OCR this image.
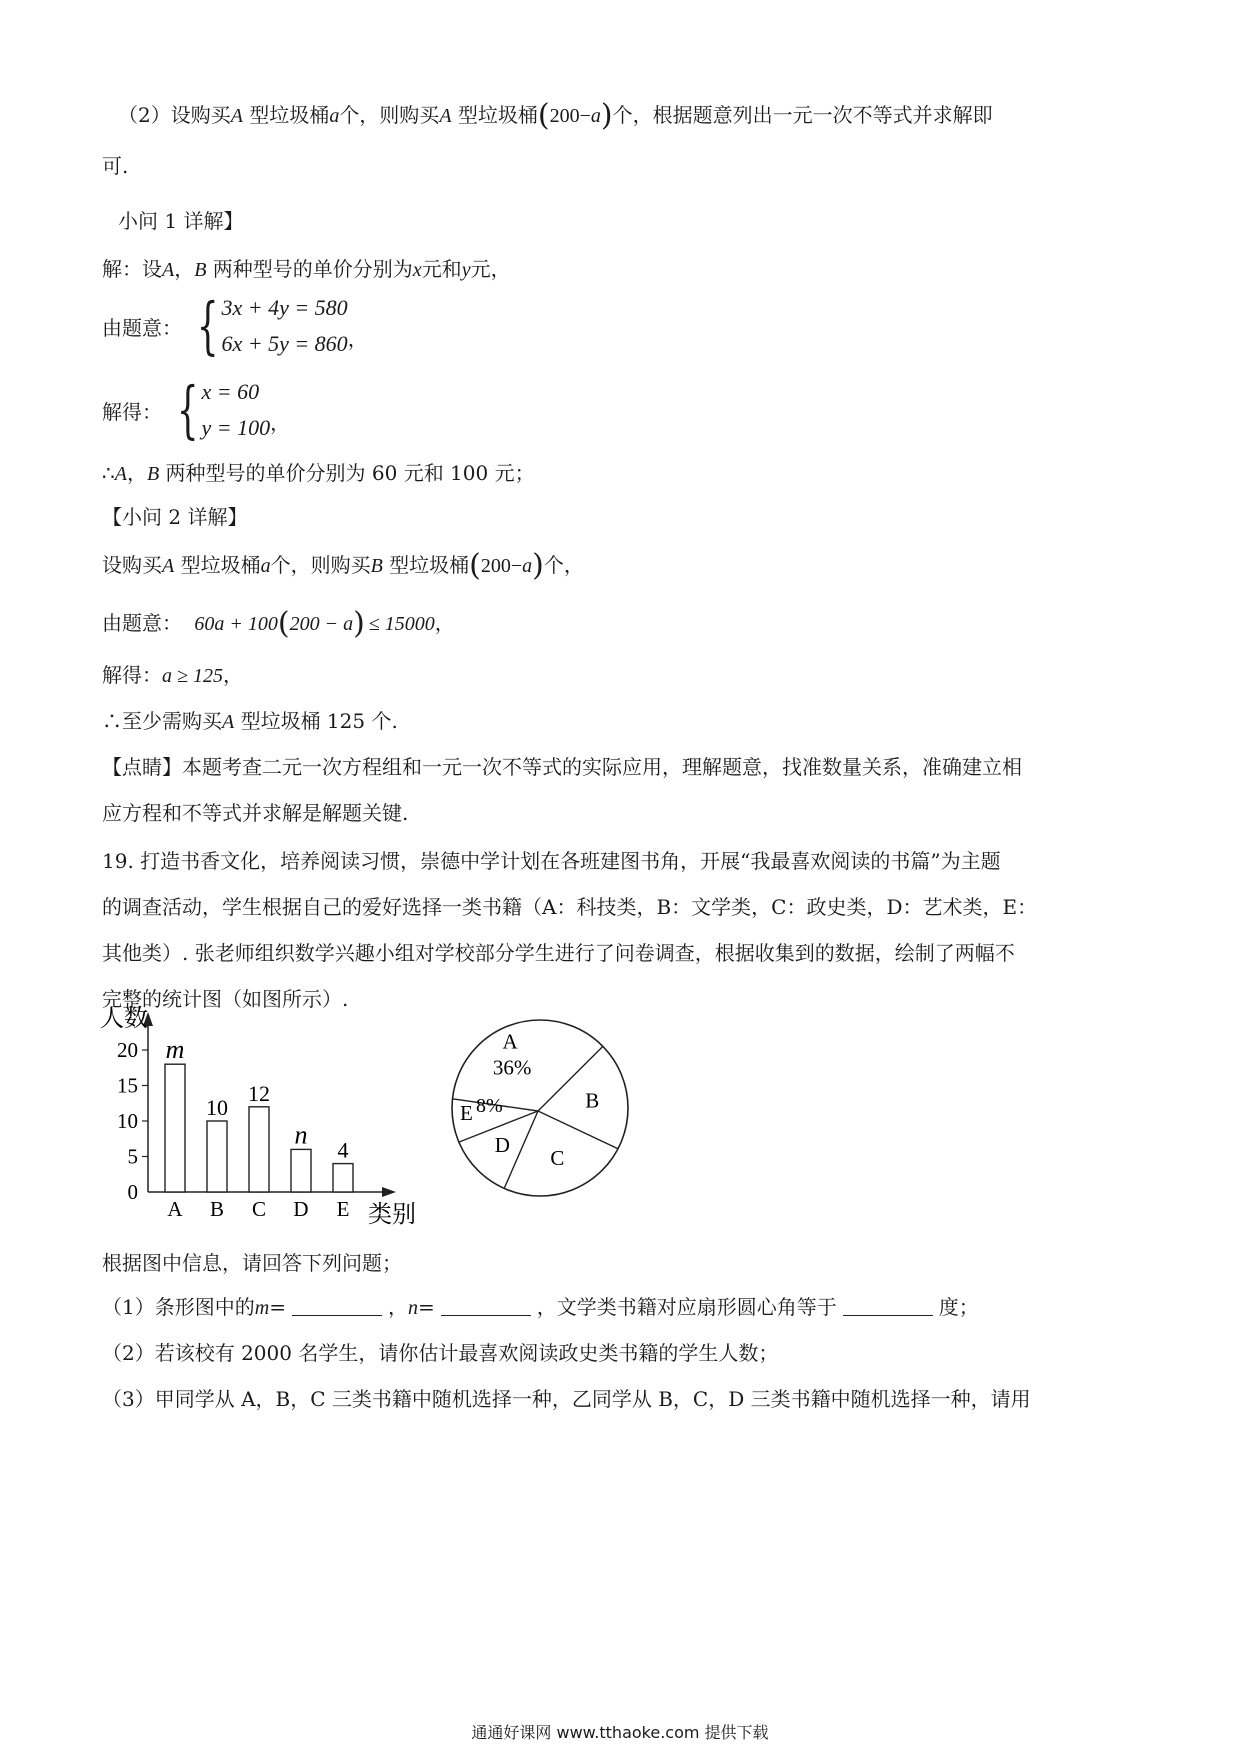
（2）设购买A 型垃圾桶a个，则购买A 型垃圾桶(200−a)个，根据题意列出一元一次不等式并求解即
可.
小问 1 详解】
解：设A，B 两种型号的单价分别为x元和y元，
由题意： { 3x + 4y = 580
6x + 5y = 860 ，
解得： { x = 60
y = 100 ，
∴A，B 两种型号的单价分别为 60 元和 100 元；
【小问 2 详解】
设购买A 型垃圾桶a个，则购买B 型垃圾桶(200−a)个，
由题意： 60a + 100(200 − a) ≤ 15000，
解得：a ≥ 125，
∴至少需购买A 型垃圾桶 125 个.
【点睛】本题考查二元一次方程组和一元一次不等式的实际应用，理解题意，找准数量关系，准确建立相
应方程和不等式并求解是解题关键.
19. 打造书香文化，培养阅读习惯，崇德中学计划在各班建图书角，开展“我最喜欢阅读的书篇”为主题
的调查活动，学生根据自己的爱好选择一类书籍（A：科技类，B：文学类，C：政史类，D：艺术类，E：
其他类）. 张老师组织数学兴趣小组对学校部分学生进行了问卷调查，根据收集到的数据，绘制了两幅不
完整的统计图（如图所示）.
人数
类别
0
5
10
15
20 m
A
10
B
12
C
n
D
4
E
A
36%
B
C
D
E 8%
根据图中信息，请回答下列问题；
（1）条形图中的m=	，n=	，文学类书籍对应扇形圆心角等于	度；
（2）若该校有 2000 名学生，请你估计最喜欢阅读政史类书籍的学生人数；
（3）甲同学从 A，B，C 三类书籍中随机选择一种，乙同学从 B，C，D 三类书籍中随机选择一种，请用
通通好课网 www.tthaoke.com 提供下载
